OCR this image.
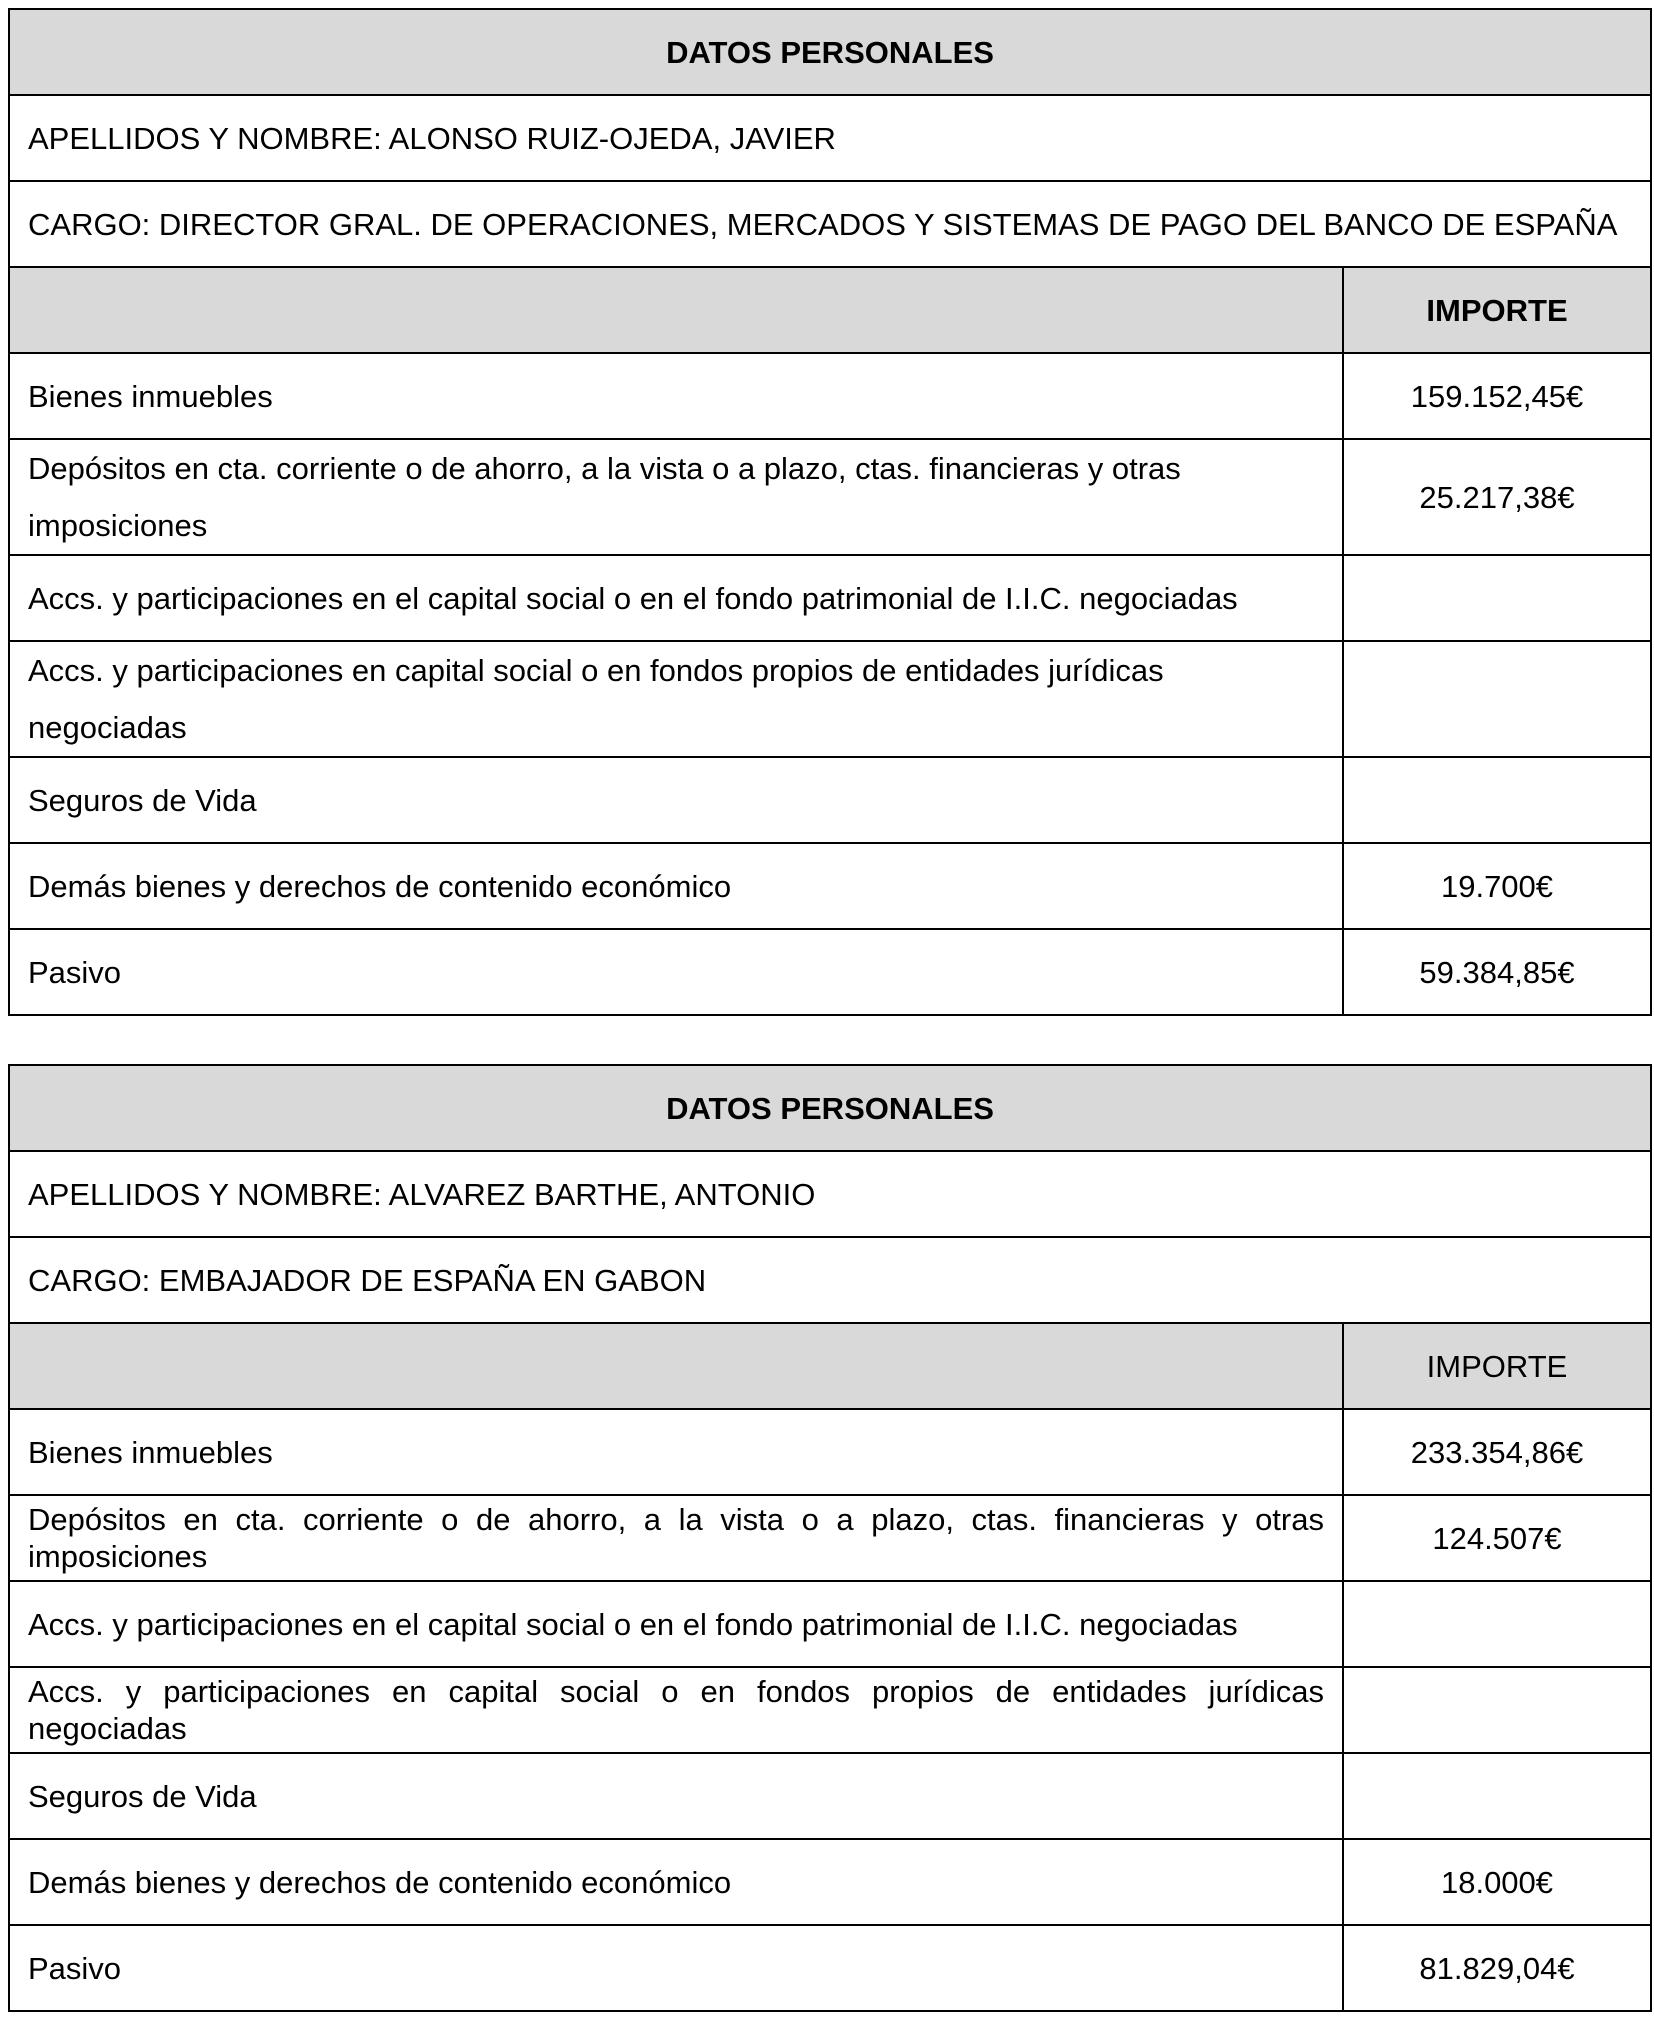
DATOS PERSONALES	
APELLIDOS Y NOMBRE: ALONSO RUIZ-OJEDA, JAVIER	
CARGO: DIRECTOR GRAL. DE OPERACIONES, MERCADOS Y SISTEMAS DE PAGO DEL BANCO DE ESPAÑA	
	IMPORTE
Bienes inmuebles	159.152,45€
Depósitos en cta. corriente o de ahorro, a la vista o a plazo, ctas. financieras y otras imposiciones	25.217,38€
Accs. y participaciones en el capital social o en el fondo patrimonial de I.I.C. negociadas	
Accs. y participaciones en capital social o en fondos propios de entidades jurídicas negociadas	
Seguros de Vida	
Demás bienes y derechos de contenido económico	19.700€
Pasivo	59.384,85€
DATOS PERSONALES	
APELLIDOS Y NOMBRE: ALVAREZ BARTHE, ANTONIO	
CARGO: EMBAJADOR DE ESPAÑA EN GABON	
	IMPORTE
Bienes inmuebles	233.354,86€
Depósitos en cta. corriente o de ahorro, a la vista o a plazo, ctas. financieras y otras imposiciones	124.507€
Accs. y participaciones en el capital social o en el fondo patrimonial de I.I.C. negociadas	
Accs. y participaciones en capital social o en fondos propios de entidades jurídicas negociadas	
Seguros de Vida	
Demás bienes y derechos de contenido económico	18.000€
Pasivo	81.829,04€
